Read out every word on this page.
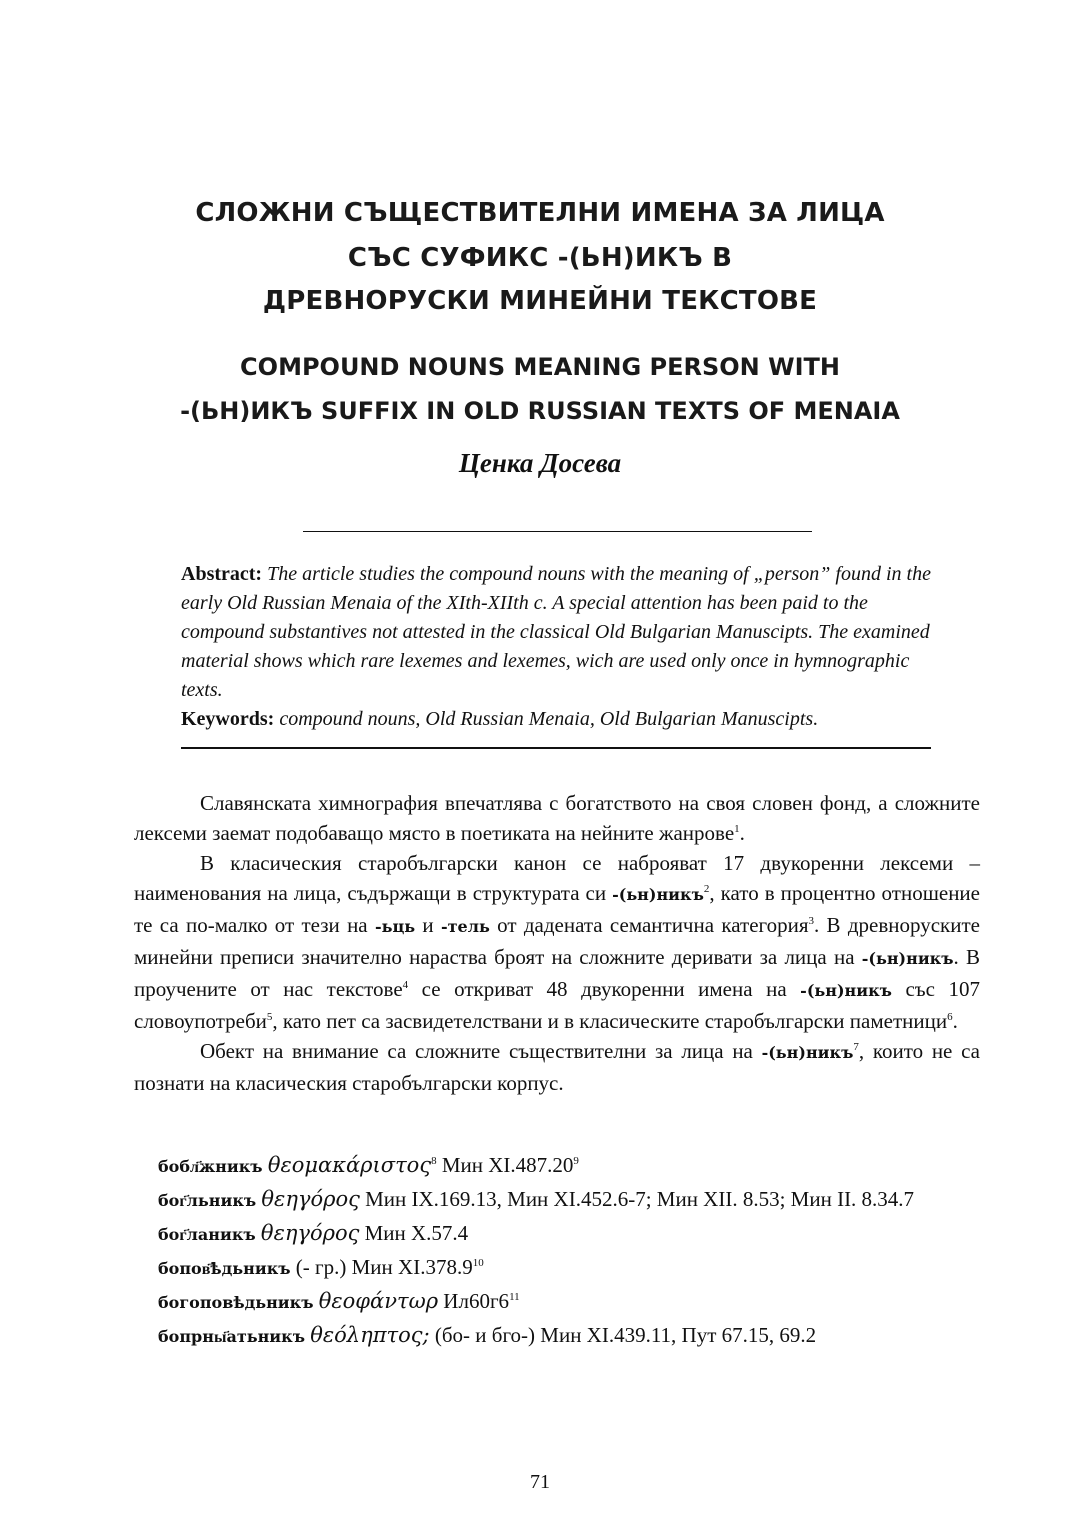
СЛОЖНИ СЪЩЕСТВИТЕЛНИ ИМЕНА ЗА ЛИЦА
СЪС СУФИКС -(ЬН)ИКЪ В
ДРЕВНОРУСКИ МИНЕЙНИ ТЕКСТОВЕ
COMPOUND NOUNS MEANING PERSON WITH
-(ЬН)ИКЪ SUFFIX IN OLD RUSSIAN TEXTS OF MENAIA
Ценка Досева

Abstract: The article studies the compound nouns with the meaning of „person” found in the early Old Russian Menaia of the XIth-XIIth c. A special attention has been paid to the compound substantives not attested in the classical Old Bulgarian Manuscipts. The examined material shows which rare lexemes and lexemes, wich are used only once in hymnographic texts.

Keywords: compound nouns, Old Russian Menaia, Old Bulgarian Manuscipts.

Славянската химнография впечатлява с богатството на своя словен фонд, а сложните лексеми заемат подобаващо място в поетиката на нейните жанрове$^1$.

В класическия старобългарски канон се наброяват 17 двукоренни лексеми – наименования на лица, съдържащи в структурата си -(ьн)никъ$^2$, като в процентно отношение те са по-малко от тези на -ьць и -тель от дадената семантична категория$^3$. В древноруските минейни преписи значително нараства броят на сложните деривати за лица на -(ьн)никъ. В проучените от нас текстове$^4$ се откриват 48 двукоренни имена на -(ьн)никъ със 107 словоупотреби$^5$, като пет са засвидетелствани и в класическите старобългарски паметници$^6$.

Обект на внимание са сложните съществителни за лица на -(ьн)никъ$^7$, които не са познати на класическия старобългарски корпус.

бобл҃жникъ θεομακάριστος$^8$ Мин XI.487.20$^9$
бог҃льникъ θεηγόρος Мин IX.169.13, Мин XI.452.6-7; Мин XII. 8.53; Мин II. 8.34.7
бог҃ланикъ θεηγόρος Мин X.57.4
бопов҃ѣдьникъ (- гр.) Мин XI.378.9$^{10}$
богоповѣдьникъ θεοφάντωρ $Ил60г6^{11}$
бопрны҃атьникъ θεόληπτος; (бо- и бго-) Мин XI.439.11, Пут 67.15, 69.2
71
